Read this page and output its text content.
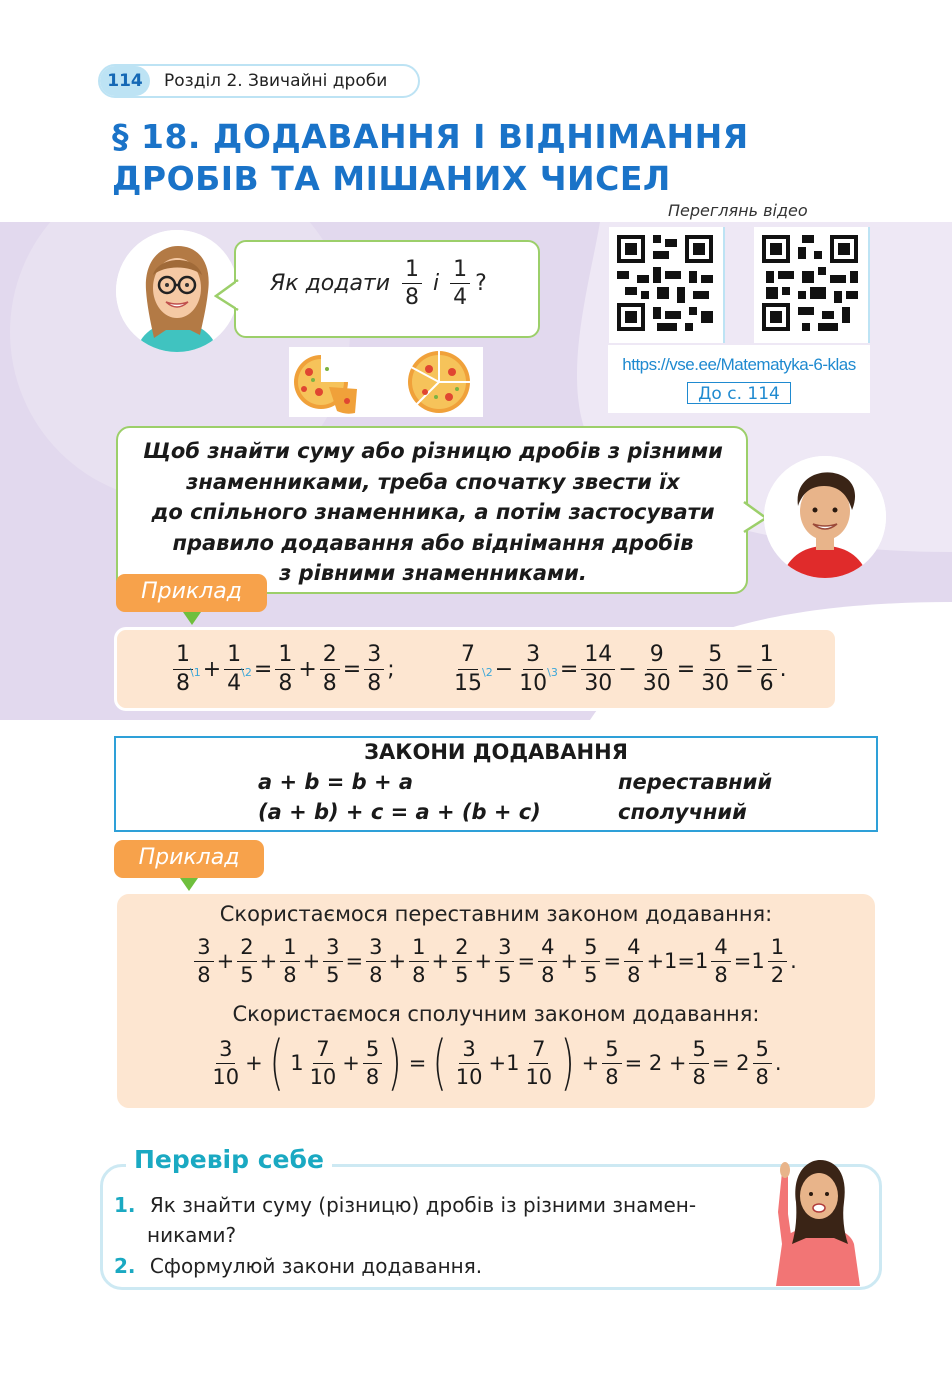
114	Розділ 2. Звичайні дроби
§ 18. ДОДАВАННЯ І ВІДНІМАННЯ
ДРОБІВ ТА МІШАНИХ ЧИСЕЛ
Переглянь відео
https://vse.ee/Matematyka-6-klas
До с. 114
Як додати $\frac{1}{8}$ і $\frac{1}{4}$ ?
Щоб знайти суму або різницю дробів з різними
знаменниками, треба спочатку звести їх
до спільного знаменника, а потім застосувати
правило додавання або віднімання дробів
з рівними знаменниками.
Приклад
$\frac{1}{8}$
\1 + $\frac{1}{4}$
\2 = $\frac{1}{8} + \frac{2}{8} = \frac{3}{8}$ ;	$\frac{7}{15}$
\2 − $\frac{3}{10}$
\3 = $\frac{14}{30} - \frac{9}{30} = \frac{5}{30} = \frac{1}{6}$ .
ЗАКОНИ ДОДАВАННЯ
a + b = b + a	переставний
(a + b) + c = a + (b + c)	сполучний
Приклад
Скористаємося переставним законом додавання:
$\frac{3}{8} + \frac{2}{5} + \frac{1}{8} + \frac{3}{5} = \frac{3}{8} + \frac{1}{8} + \frac{2}{5} + \frac{3}{5} = \frac{4}{8} + \frac{5}{5} = \frac{4}{8} +1=1 \frac{4}{8} =1 \frac{1}{2}$ .
Скористаємося сполучним законом додавання:
$\frac{3}{10}$ + ( $1 \frac{7}{10} + \frac{5}{8}$ ) = ( $\frac{3}{10} +1 \frac{7}{10}$ ) + $\frac{5}{8} = 2 + \frac{5}{8} = 2 \frac{5}{8}$ .
Перевір себе
1. Як знайти суму (різницю) дробів із різними знамен-
никами?
2. Сформулюй закони додавання.
